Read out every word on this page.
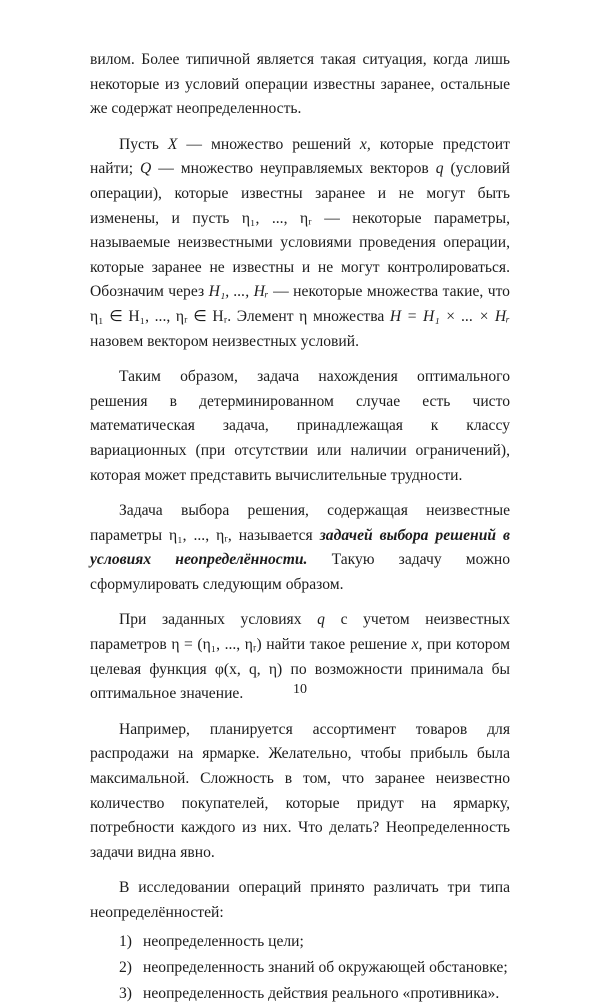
вилом. Более типичной является такая ситуация, когда лишь некоторые из условий операции известны заранее, остальные же содержат неопределенность.

Пусть X — множество решений x, которые предстоит найти; Q — множество неуправляемых векторов q (условий операции), которые известны заранее и не могут быть изменены, и пусть η₁, ..., ηᵣ — некоторые параметры, называемые неизвестными условиями проведения операции, которые заранее не известны и не могут контролироваться. Обозначим через H₁, ..., Hᵣ — некоторые множества такие, что η₁ ∈ H₁, ..., ηᵣ ∈ Hᵣ. Элемент η множества H = H₁ × ... × Hᵣ назовем вектором неизвестных условий.

Таким образом, задача нахождения оптимального решения в детерминированном случае есть чисто математическая задача, принадлежащая к классу вариационных (при отсутствии или наличии ограничений), которая может представить вычислительные трудности.

Задача выбора решения, содержащая неизвестные параметры η₁, ..., ηᵣ, называется задачей выбора решений в условиях неопределённости. Такую задачу можно сформулировать следующим образом.

При заданных условиях q с учетом неизвестных параметров η = (η₁, ..., ηᵣ) найти такое решение x, при котором целевая функция φ(x, q, η) по возможности принимала бы оптимальное значение.

Например, планируется ассортимент товаров для распродажи на ярмарке. Желательно, чтобы прибыль была максимальной. Сложность в том, что заранее неизвестно количество покупателей, которые придут на ярмарку, потребности каждого из них. Что делать? Неопределенность задачи видна явно.

В исследовании операций принято различать три типа неопределённостей:

1) неопределенность цели;
2) неопределенность знаний об окружающей обстановке;
3) неопределенность действия реального «противника».
10
